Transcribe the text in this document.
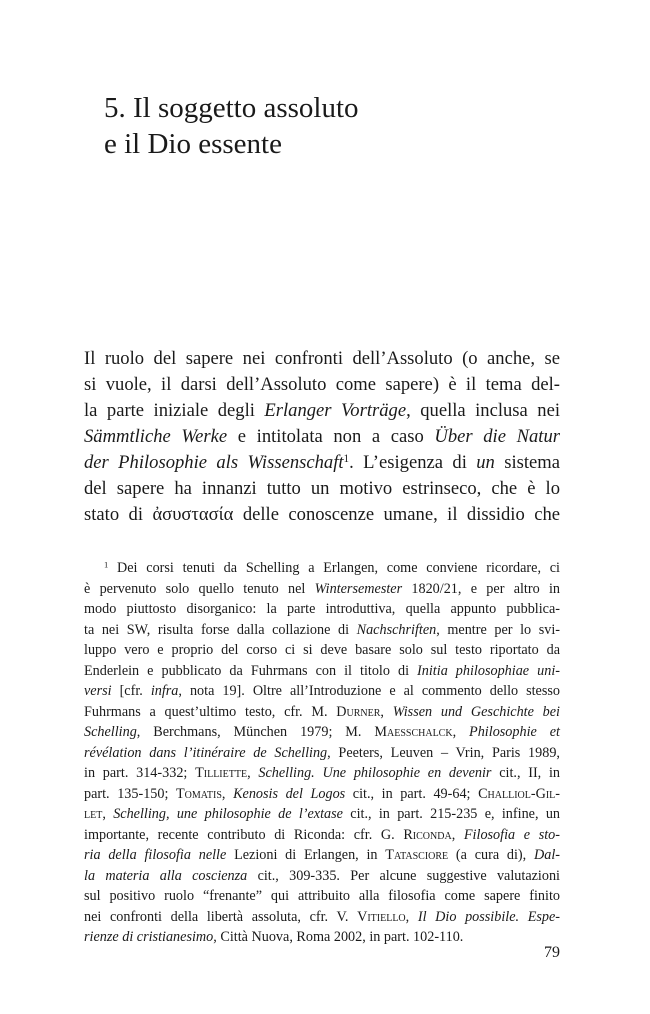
5. Il soggetto assoluto
e il Dio essente
Il ruolo del sapere nei confronti dell’Assoluto (o anche, se
si vuole, il darsi dell’Assoluto come sapere) è il tema del-
la parte iniziale degli Erlanger Vorträge, quella inclusa nei
Sämmtliche Werke e intitolata non a caso Über die Natur
der Philosophie als Wissenschaft$^1$. L’esigenza di un sistema
del sapere ha innanzi tutto un motivo estrinseco, che è lo
stato di ἀσυστασία delle conoscenze umane, il dissidio che
$^1$ Dei corsi tenuti da Schelling a Erlangen, come conviene ricordare, ci
è pervenuto solo quello tenuto nel Wintersemester 1820/21, e per altro in
modo piuttosto disorganico: la parte introduttiva, quella appunto pubblica-
ta nei SW, risulta forse dalla collazione di Nachschriften, mentre per lo svi-
luppo vero e proprio del corso ci si deve basare solo sul testo riportato da
Enderlein e pubblicato da Fuhrmans con il titolo di Initia philosophiae uni-
versi [cfr. infra, nota 19]. Oltre all’Introduzione e al commento dello stesso
Fuhrmans a quest’ultimo testo, cfr. M. Durner, Wissen und Geschichte bei
Schelling, Berchmans, München 1979; M. Maesschalck, Philosophie et
révélation dans l’itinéraire de Schelling, Peeters, Leuven – Vrin, Paris 1989,
in part. 314-332; Tilliette, Schelling. Une philosophie en devenir cit., II, in
part. 135-150; Tomatis, Kenosis del Logos cit., in part. 49-64; Challiol-Gil-
let, Schelling, une philosophie de l’extase cit., in part. 215-235 e, infine, un
importante, recente contributo di Riconda: cfr. G. Riconda, Filosofia e sto-
ria della filosofia nelle Lezioni di Erlangen, in Tatasciore (a cura di), Dal-
la materia alla coscienza cit., 309-335. Per alcune suggestive valutazioni
sul positivo ruolo “frenante” qui attribuito alla filosofia come sapere finito
nei confronti della libertà assoluta, cfr. V. Vitiello, Il Dio possibile. Espe-
rienze di cristianesimo, Città Nuova, Roma 2002, in part. 102-110.
79
